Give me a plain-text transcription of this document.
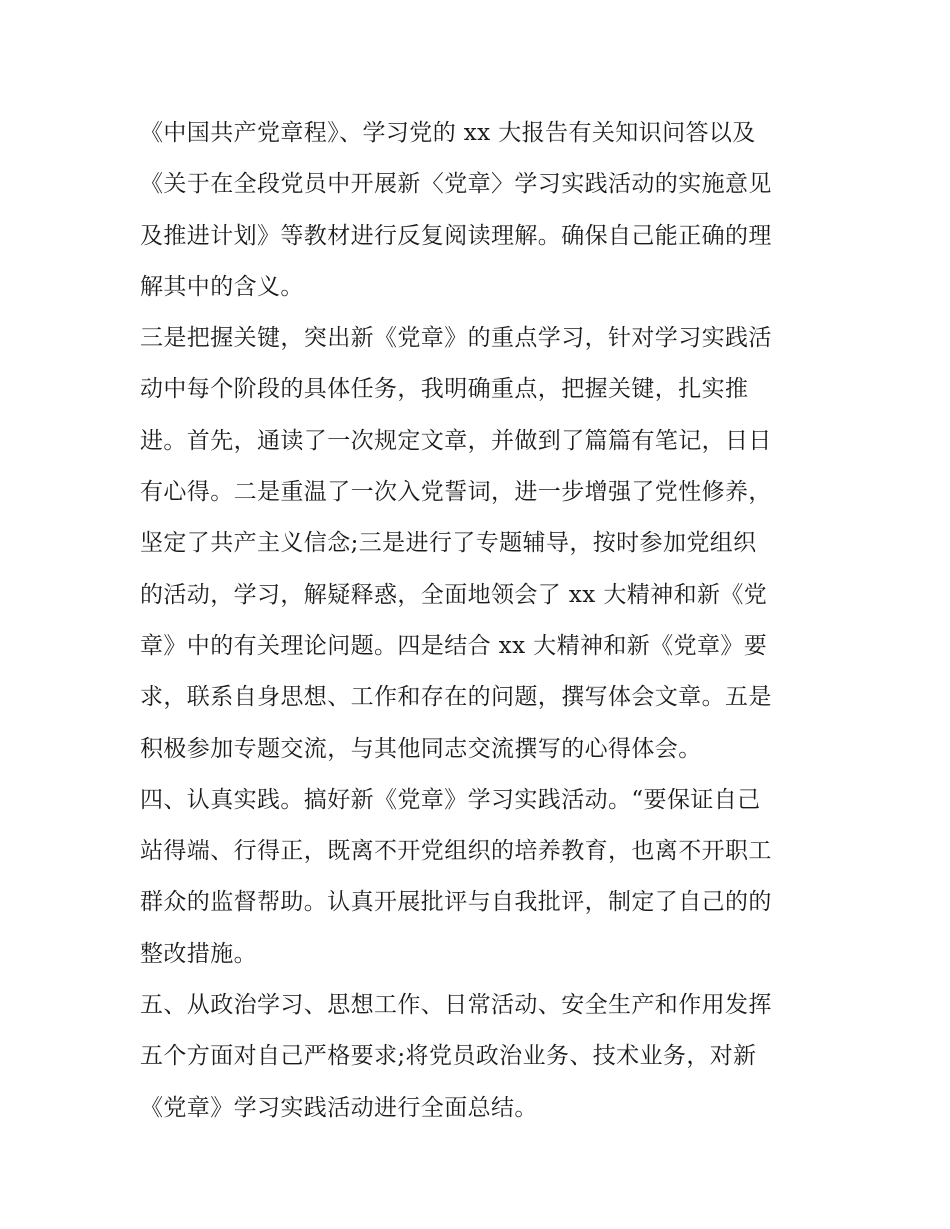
《中国共产党章程》、学习党的 xx 大报告有关知识问答以及
《关于在全段党员中开展新〈党章〉学习实践活动的实施意见
及推进计划》等教材进行反复阅读理解。确保自己能正确的理
解其中的含义。
三是把握关键，突出新《党章》的重点学习，针对学习实践活
动中每个阶段的具体任务，我明确重点，把握关键，扎实推
进。首先，通读了一次规定文章，并做到了篇篇有笔记，日日
有心得。二是重温了一次入党誓词，进一步增强了党性修养，
坚定了共产主义信念;三是进行了专题辅导，按时参加党组织
的活动，学习，解疑释惑，全面地领会了 xx 大精神和新《党
章》中的有关理论问题。四是结合 xx 大精神和新《党章》要
求，联系自身思想、工作和存在的问题，撰写体会文章。五是
积极参加专题交流，与其他同志交流撰写的心得体会。
四、认真实践。搞好新《党章》学习实践活动。“要保证自己
站得端、行得正，既离不开党组织的培养教育，也离不开职工
群众的监督帮助。认真开展批评与自我批评，制定了自己的的
整改措施。
五、从政治学习、思想工作、日常活动、安全生产和作用发挥
五个方面对自己严格要求;将党员政治业务、技术业务，对新
《党章》学习实践活动进行全面总结。
